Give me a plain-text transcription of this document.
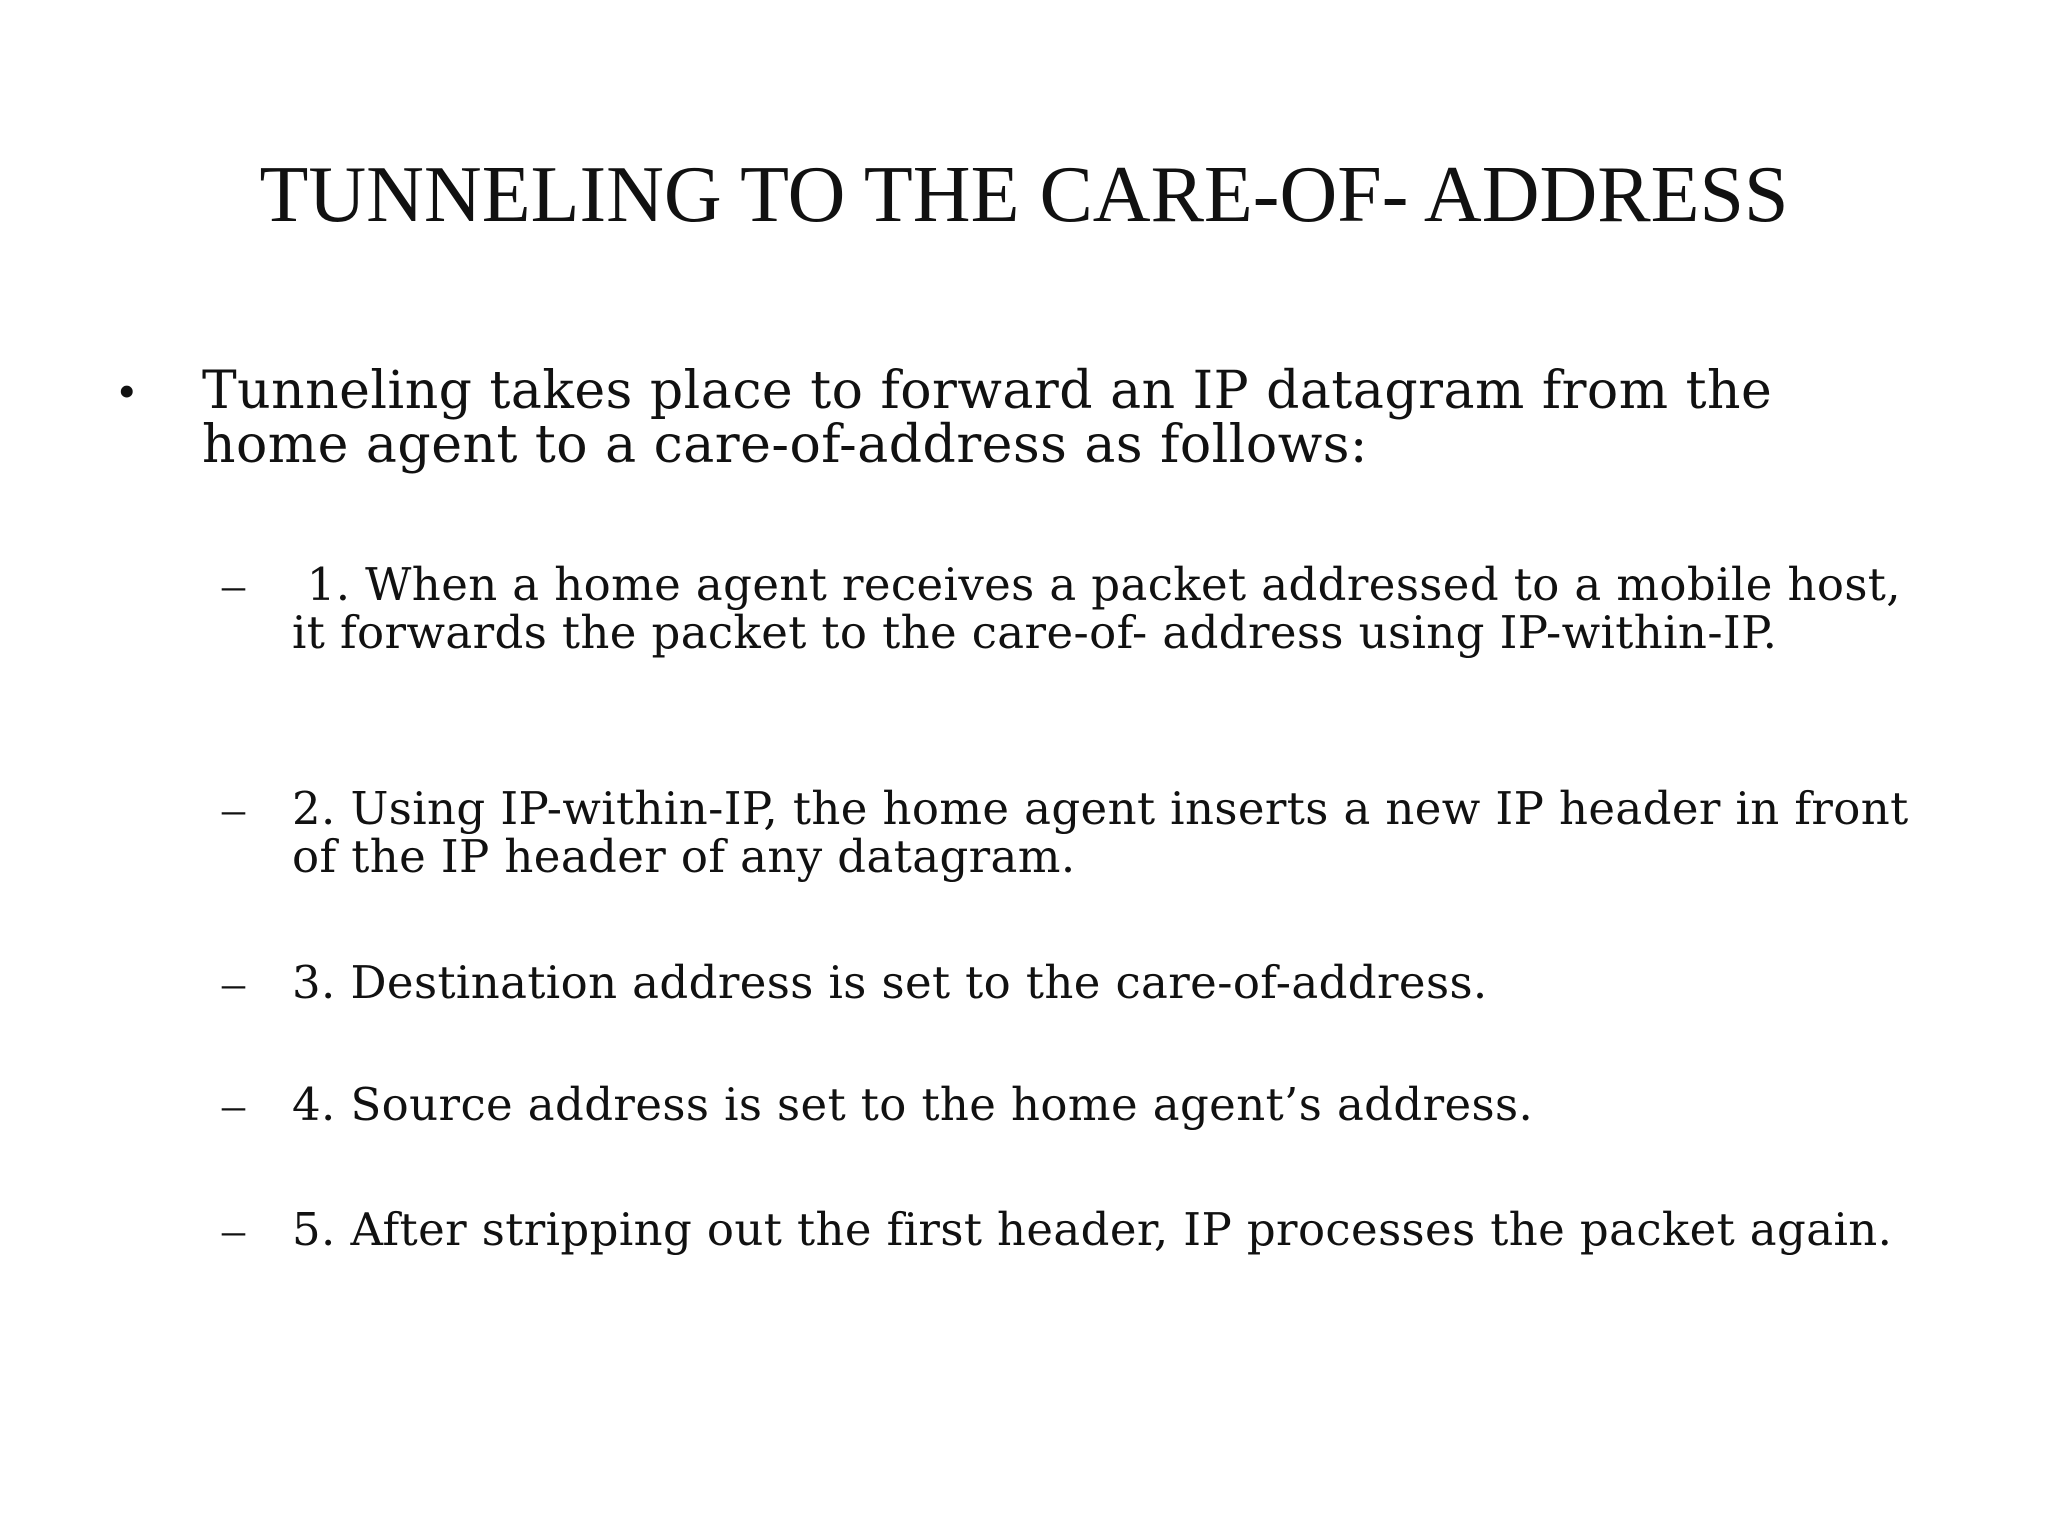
TUNNELING TO THE CARE-OF- ADDRESS
•	Tunneling takes place to forward an IP datagram from the home agent to a care-of-address as follows:
–	1. When a home agent receives a packet addressed to a mobile host, it forwards the packet to the care-of- address using IP-within-IP.
–	2. Using IP-within-IP, the home agent inserts a new IP header in front of the IP header of any datagram.
–	3. Destination address is set to the care-of-address.
–	4. Source address is set to the home agent’s address.
–	5. After stripping out the first header, IP processes the packet again.
